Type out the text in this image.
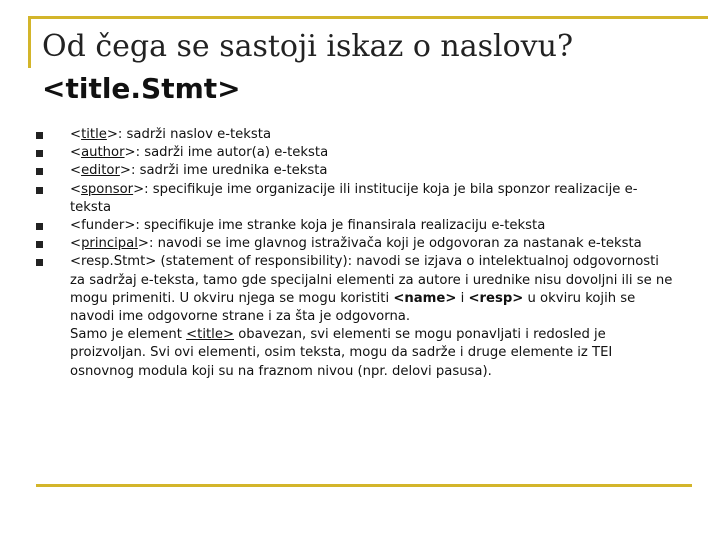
Od čega se sastoji iskaz o naslovu?
<title.Stmt>
<title>: sadrži naslov e-teksta
<author>: sadrži ime autor(a) e-teksta
<editor>: sadrži ime urednika e-teksta
<sponsor>: specifikuje ime organizacije ili institucije koja je bila sponzor realizacije e-teksta
<funder>: specifikuje ime stranke koja je finansirala realizaciju e-teksta
<principal>: navodi se ime glavnog istraživača koji je odgovoran za nastanak e-teksta
<resp.Stmt> (statement of responsibility): navodi se izjava o intelektualnoj odgovornosti za sadržaj e-teksta, tamo gde specijalni elementi za autore i urednike nisu dovoljni ili se ne mogu primeniti. U okviru njega se mogu koristiti <name> i <resp> u okviru kojih se navodi ime odgovorne strane i za šta je odgovorna.
Samo je element <title> obavezan, svi elementi se mogu ponavljati i redosled je proizvoljan. Svi ovi elementi, osim teksta, mogu da sadrže i druge elemente iz TEI osnovnog modula koji su na fraznom nivou (npr. delovi pasusa).
